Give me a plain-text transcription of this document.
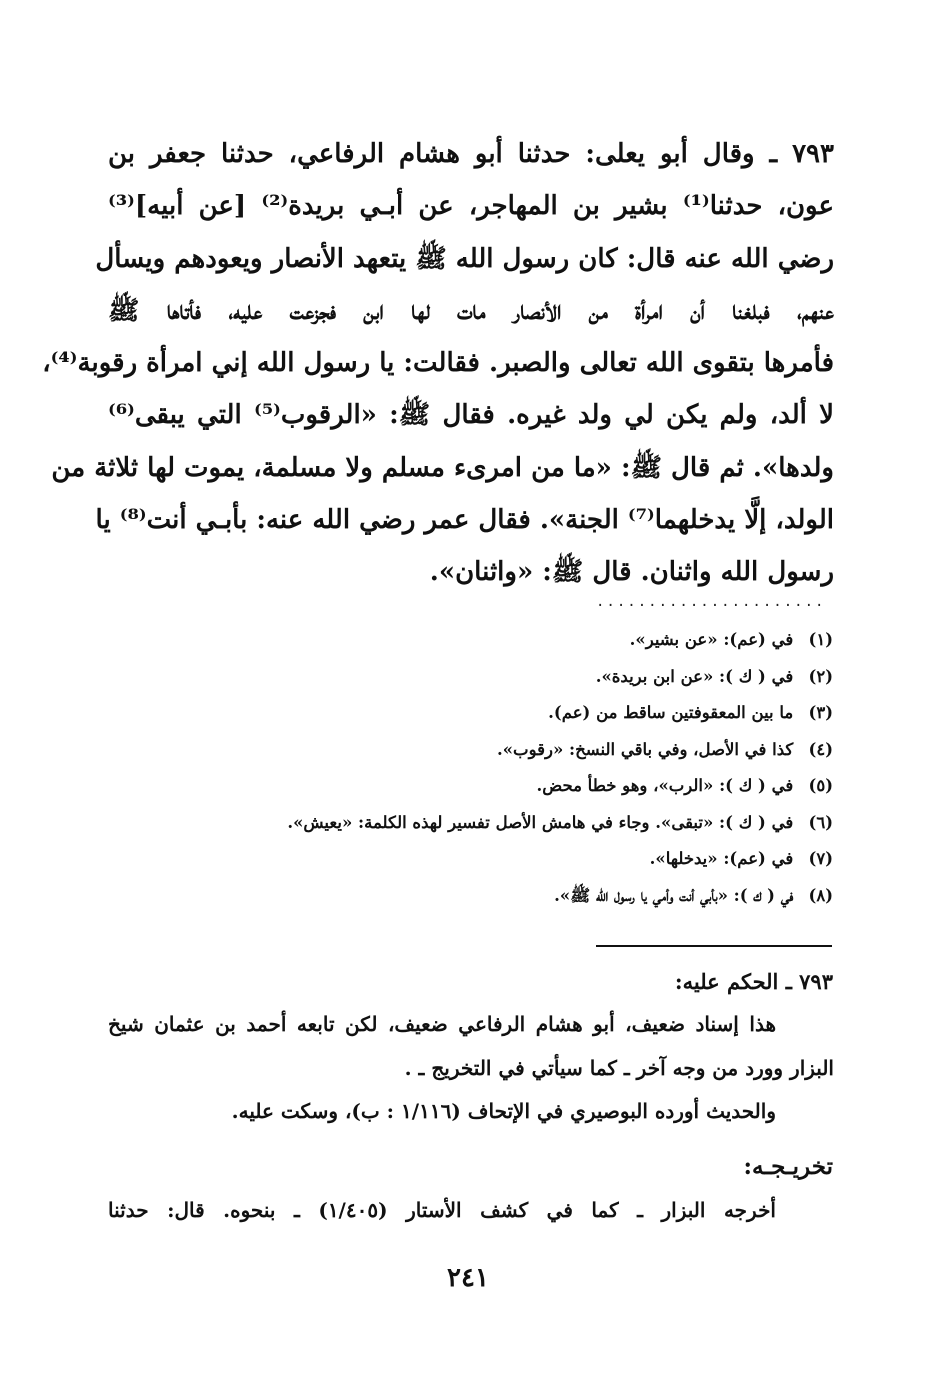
٧٩٣ ـ وقال أبو يعلى: حدثنا أبو هشام الرفاعي، حدثنا جعفر بن
عون، حدثنا⁽¹⁾ بشير بن المهاجر، عن أبـي بريدة⁽²⁾ [عن أبيه]⁽³⁾
رضي الله عنه قال: كان رسول الله ﷺ يتعهد الأنصار ويعودهم ويسأل
عنهم، فبلغنا أن امرأة من الأنصار مات لها ابن فجزعت عليه، فأتاها ﷺ
فأمرها بتقوى الله تعالى والصبر. فقالت: يا رسول الله إني امرأة رقوبة⁽⁴⁾،
لا ألد، ولم يكن لي ولد غيره. فقال ﷺ: «الرقوب⁽⁵⁾ التي يبقى⁽⁶⁾
ولدها». ثم قال ﷺ: «ما من امرىء مسلم ولا مسلمة، يموت لها ثلاثة من
الولد، إلَّا يدخلهما⁽⁷⁾ الجنة». فقال عمر رضي الله عنه: بأبـي أنت⁽⁸⁾ يا
رسول الله واثنان. قال ﷺ: «واثنان».
......................
(١) في (عم): «عن بشير».
(٢) في ( ك ): «عن ابن بريدة».
(٣) ما بين المعقوفتين ساقط من (عم).
(٤) كذا في الأصل، وفي باقي النسخ: «رقوب».
(٥) في ( ك ): «الرب»، وهو خطأ محض.
(٦) في ( ك ): «تبقى». وجاء في هامش الأصل تفسير لهذه الكلمة: «يعيش».
(٧) في (عم): «يدخلها».
(٨) في ( ك ): «بأبي أنت وأمي يا رسول الله ﷺ».
٧٩٣ ـ الحكم عليه:
هذا إسناد ضعيف، أبو هشام الرفاعي ضعيف، لكن تابعه أحمد بن عثمان شيخ
البزار وورد من وجه آخر ـ كما سيأتي في التخريج ـ .
والحديث أورده البوصيري في الإتحاف (١/١١٦ : ب)، وسكت عليه.
تخريـجـه:
أخرجه البزار ـ كما في كشف الأستار (١/٤٠٥) ـ بنحوه. قال: حدثنا
٢٤١
